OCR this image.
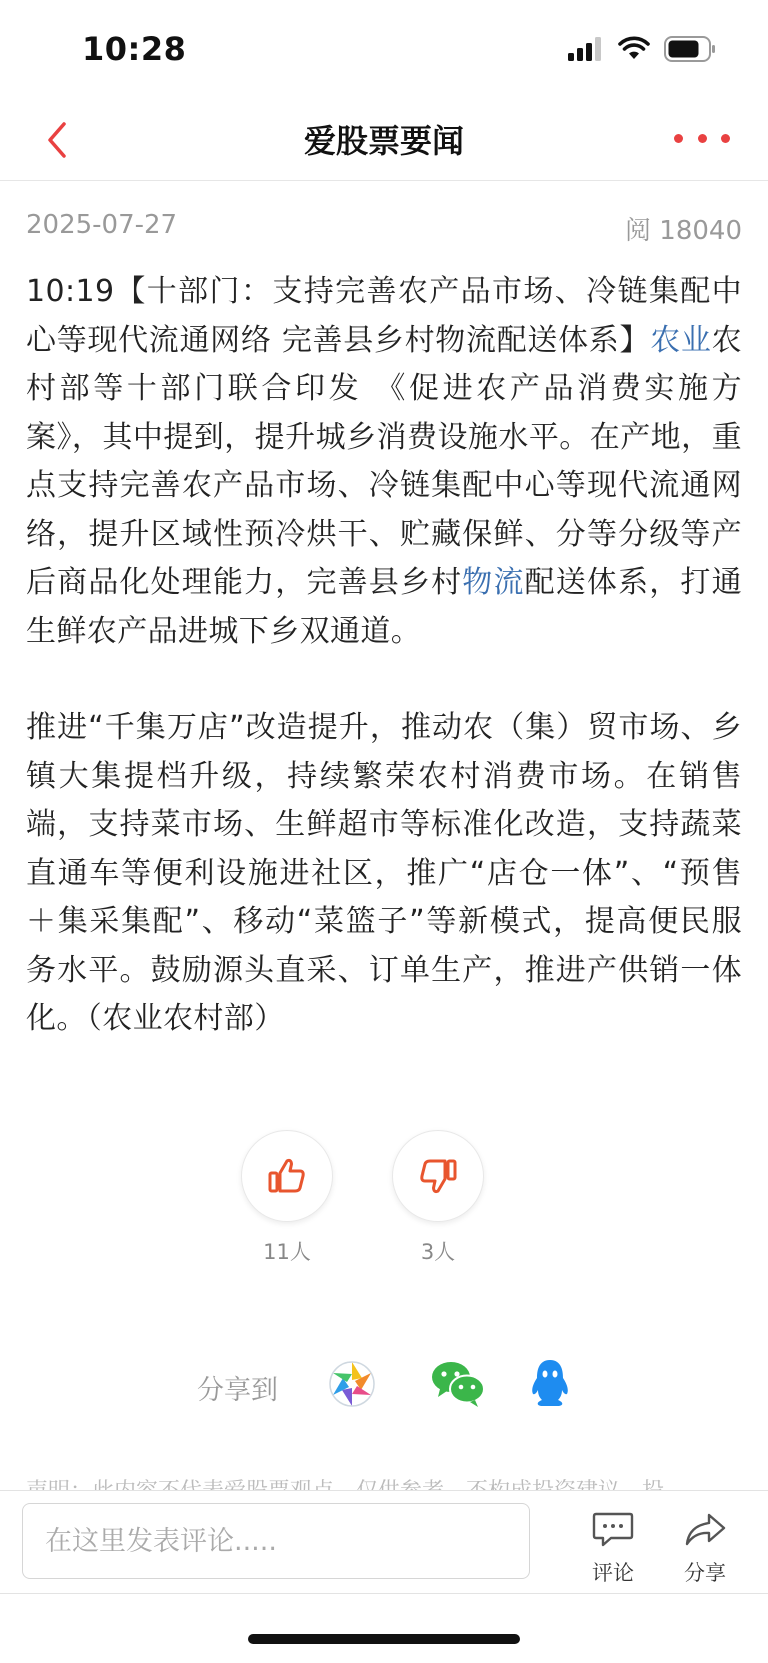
10:28
爱股票要闻
2025-07-27	阅 18040

10:19【十部门：支持完善农产品市场、冷链集配中心等现代流通网络 完善县乡村物流配送体系】农业农村部等十部门联合印发 《促进农产品消费实施方案》，其中提到，提升城乡消费设施水平。在产地，重点支持完善农产品市场、冷链集配中心等现代流通网络，提升区域性预冷烘干、贮藏保鲜、分等分级等产后商品化处理能力，完善县乡村物流配送体系，打通生鲜农产品进城下乡双通道。

推进“千集万店”改造提升，推动农（集）贸市场、乡镇大集提档升级，持续繁荣农村消费市场。在销售端，支持菜市场、生鲜超市等标准化改造，支持蔬菜直通车等便利设施进社区，推广“店仓一体”、“预售＋集采集配”、移动“菜篮子”等新模式，提高便民服务水平。鼓励源头直采、订单生产，推进产供销一体化。（农业农村部）

11人	3人
分享到
在这里发表评论.....
评论	分享
